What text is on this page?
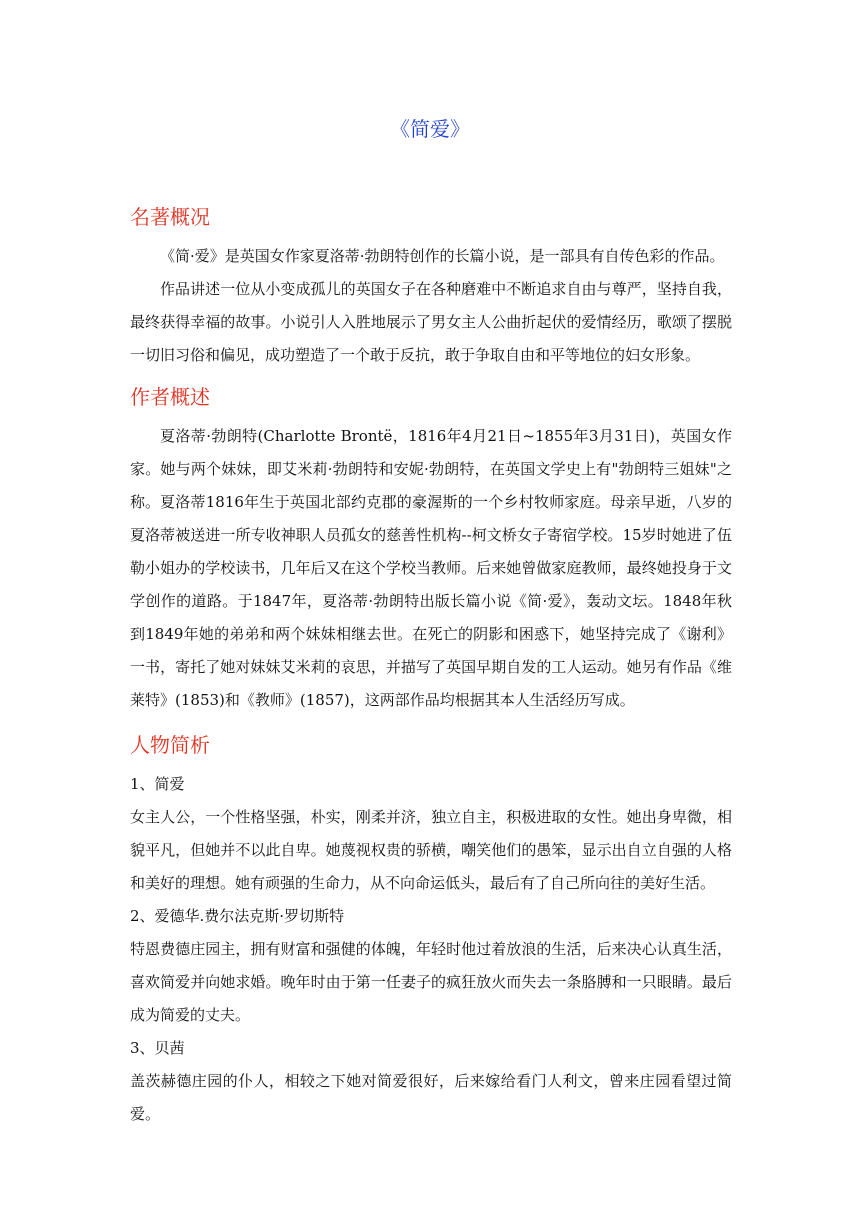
《简爱》
名著概况
《简·爱》是英国女作家夏洛蒂·勃朗特创作的长篇小说，是一部具有自传色彩的作品。
作品讲述一位从小变成孤儿的英国女子在各种磨难中不断追求自由与尊严，坚持自我，最终获得幸福的故事。小说引人入胜地展示了男女主人公曲折起伏的爱情经历，歌颂了摆脱一切旧习俗和偏见，成功塑造了一个敢于反抗，敢于争取自由和平等地位的妇女形象。
作者概述
夏洛蒂·勃朗特(Charlotte Brontë，1816年4月21日~1855年3月31日)，英国女作家。她与两个妹妹，即艾米莉·勃朗特和安妮·勃朗特，在英国文学史上有"勃朗特三姐妹"之称。 夏洛蒂1816年生于英国北部约克郡的豪渥斯的一个乡村牧师家庭。母亲早逝，八岁的夏洛蒂被送进一所专收神职人员孤女的慈善性机构--柯文桥女子寄宿学校。15岁时她进了伍勒小姐办的学校读书，几年后又在这个学校当教师。后来她曾做家庭教师，最终她投身于文学创作的道路。于1847年，夏洛蒂·勃朗特出版长篇小说《简·爱》，轰动文坛。1848年秋到1849年她的弟弟和两个妹妹相继去世。在死亡的阴影和困惑下，她坚持完成了《谢利》一书，寄托了她对妹妹艾米莉的哀思，并描写了英国早期自发的工人运动。她另有作品《维莱特》(1853)和《教师》(1857)，这两部作品均根据其本人生活经历写成。
人物简析
1、简爱
女主人公，一个性格坚强，朴实，刚柔并济，独立自主，积极进取的女性。她出身卑微，相貌平凡，但她并不以此自卑。她蔑视权贵的骄横，嘲笑他们的愚笨，显示出自立自强的人格和美好的理想。她有顽强的生命力，从不向命运低头，最后有了自己所向往的美好生活。
2、爱德华.费尔法克斯·罗切斯特
特恩费德庄园主，拥有财富和强健的体魄，年轻时他过着放浪的生活，后来决心认真生活，喜欢简爱并向她求婚。晚年时由于第一任妻子的疯狂放火而失去一条胳膊和一只眼睛。最后成为简爱的丈夫。
3、贝茜
盖茨赫德庄园的仆人，相较之下她对简爱很好，后来嫁给看门人利文，曾来庄园看望过简爱。
